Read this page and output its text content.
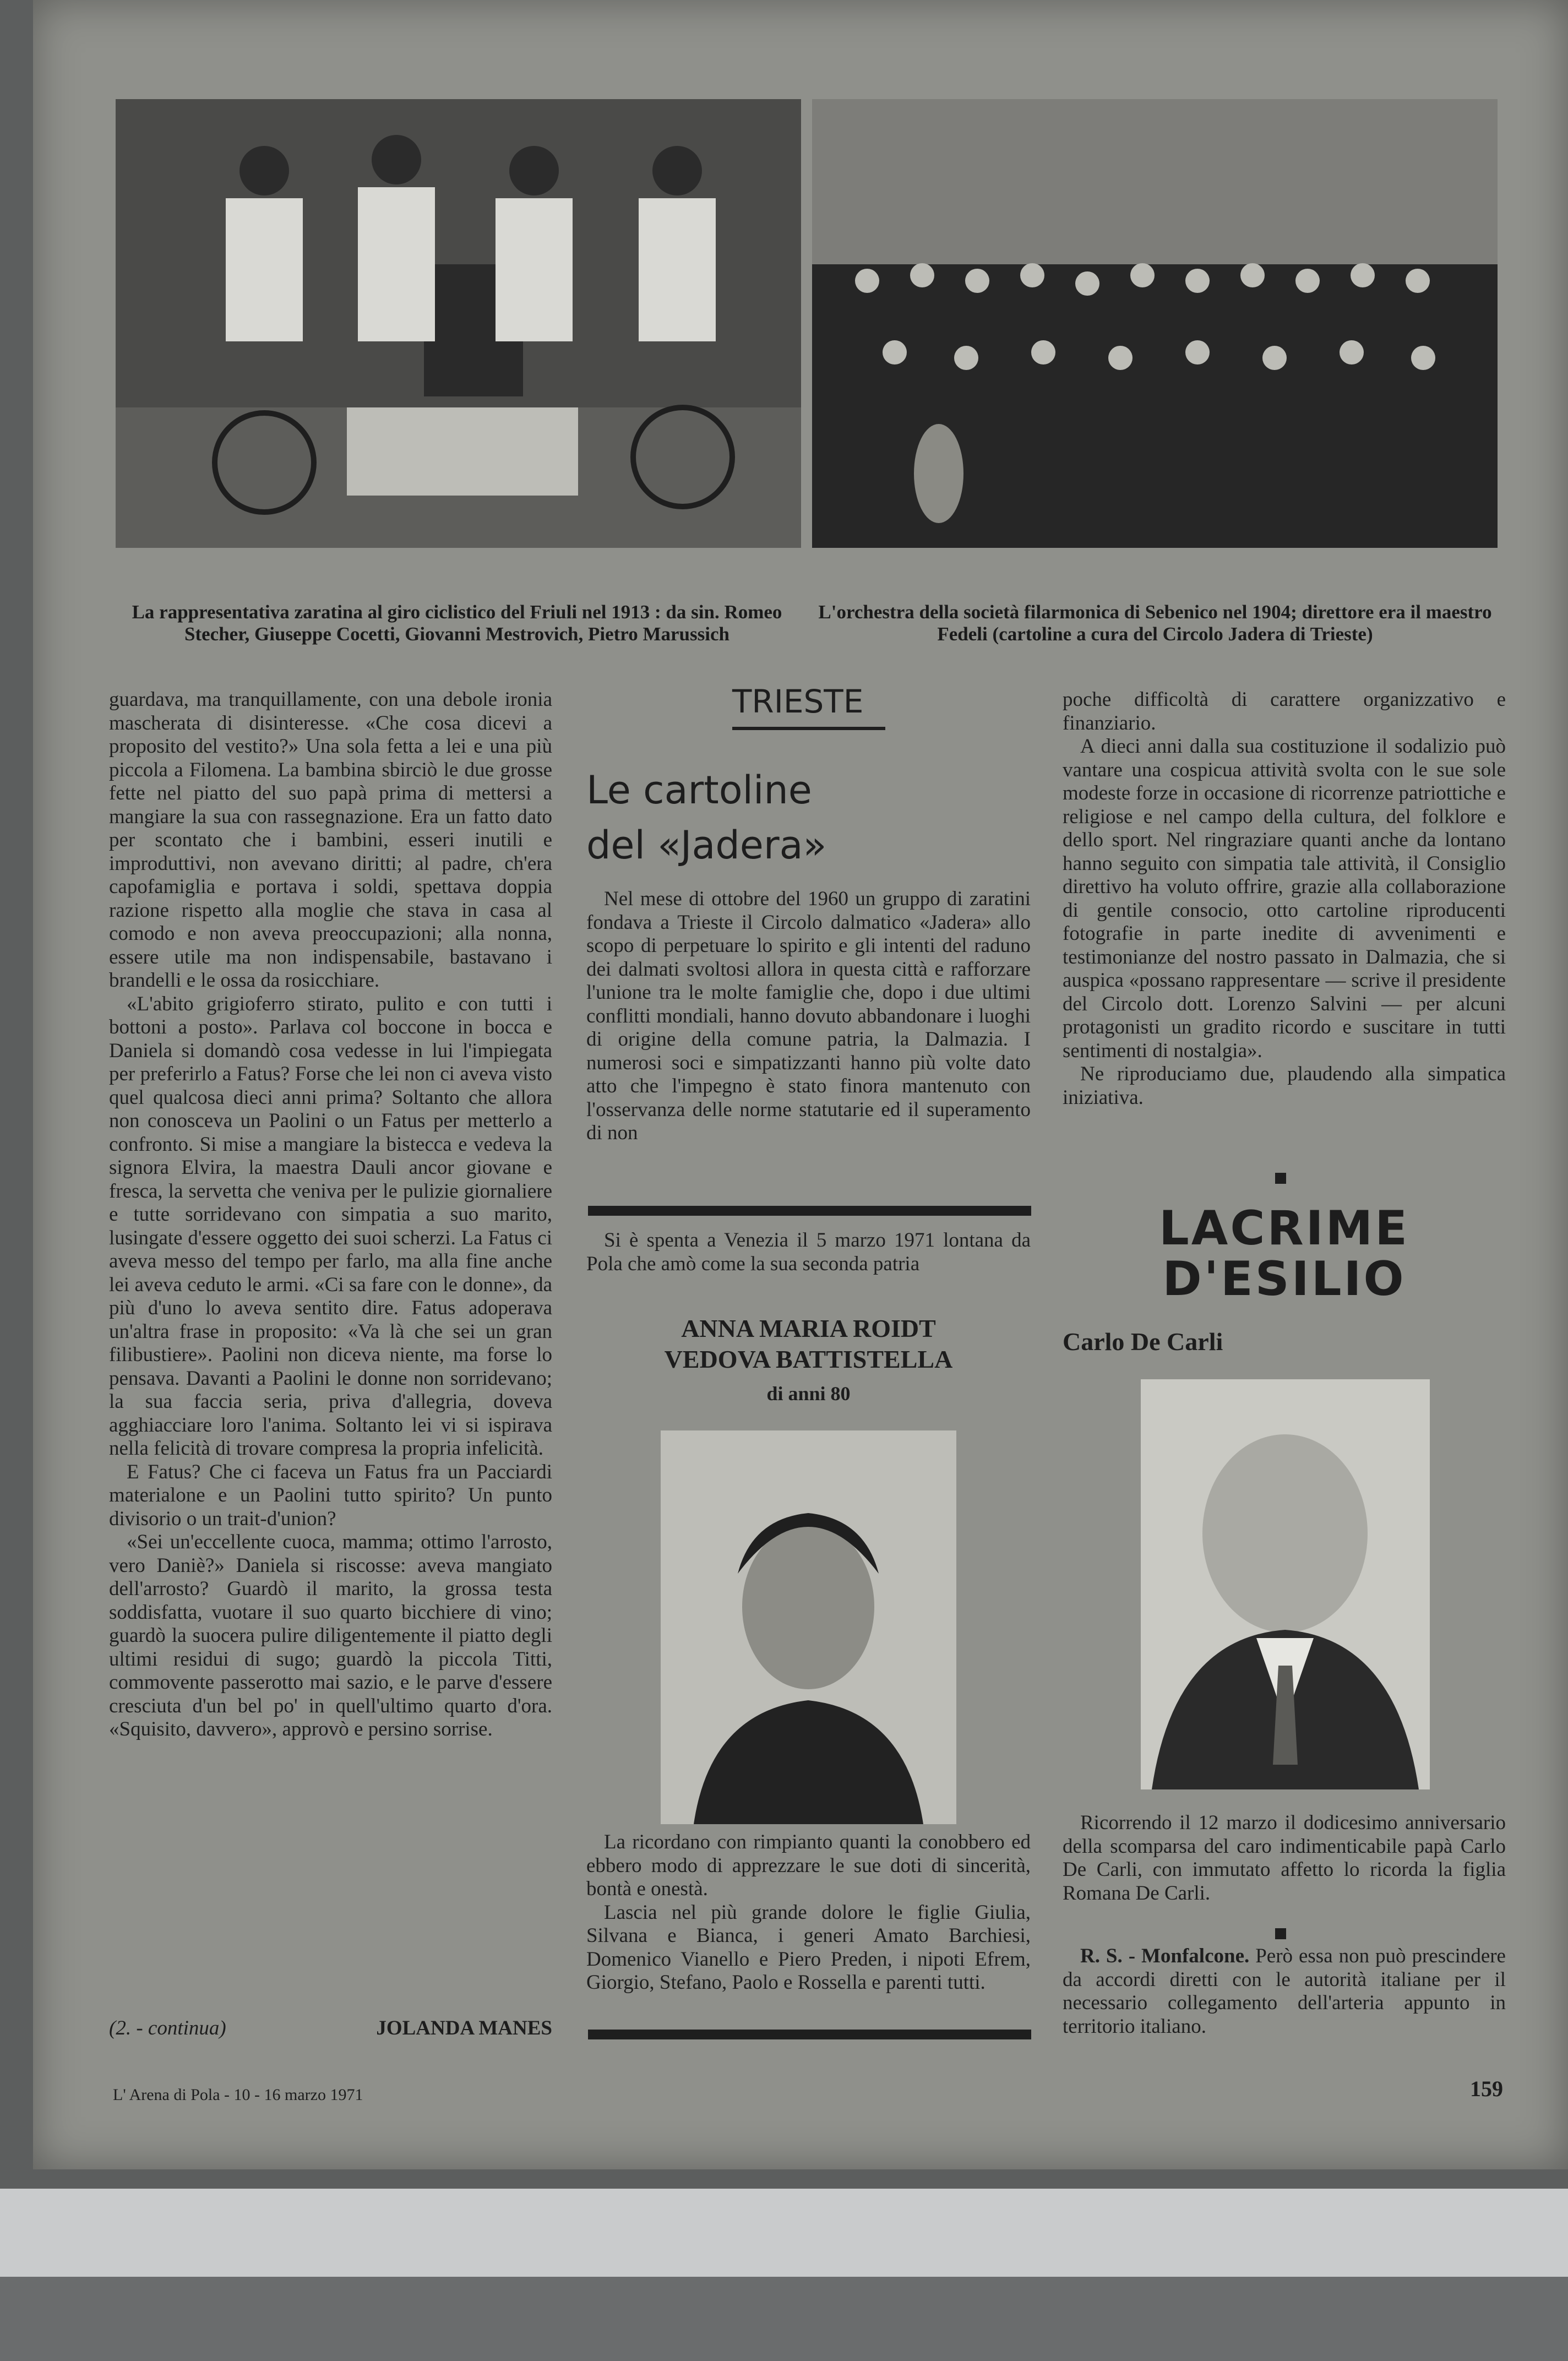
La rappresentativa zaratina al giro ciclistico del Friuli nel 1913 : da sin. Romeo Stecher, Giuseppe Cocetti, Giovanni Mestrovich, Pietro Marussich
L'orchestra della società filarmonica di Sebenico nel 1904; direttore era il maestro Fedeli (cartoline a cura del Circolo Jadera di Trieste)

guardava, ma tranquillamente, con una debole ironia mascherata di disinteresse. «Che cosa dicevi a proposito del vestito?» Una sola fetta a lei e una più piccola a Filomena. La bambina sbirciò le due grosse fette nel piatto del suo papà prima di mettersi a mangiare la sua con rassegnazione. Era un fatto dato per scontato che i bambini, esseri inutili e improduttivi, non avevano diritti; al padre, ch'era capofamiglia e portava i soldi, spettava doppia razione rispetto alla moglie che stava in casa al comodo e non aveva preoccupazioni; alla nonna, essere utile ma non indispensabile, bastavano i brandelli e le ossa da rosicchiare.

«L'abito grigioferro stirato, pulito e con tutti i bottoni a posto». Parlava col boccone in bocca e Daniela si domandò cosa vedesse in lui l'impiegata per preferirlo a Fatus? Forse che lei non ci aveva visto quel qualcosa dieci anni prima? Soltanto che allora non conosceva un Paolini o un Fatus per metterlo a confronto. Si mise a mangiare la bistecca e vedeva la signora Elvira, la maestra Dauli ancor giovane e fresca, la servetta che veniva per le pulizie giornaliere e tutte sorridevano con simpatia a suo marito, lusingate d'essere oggetto dei suoi scherzi. La Fatus ci aveva messo del tempo per farlo, ma alla fine anche lei aveva ceduto le armi. «Ci sa fare con le donne», da più d'uno lo aveva sentito dire. Fatus adoperava un'altra frase in proposito: «Va là che sei un gran filibustiere». Paolini non diceva niente, ma forse lo pensava. Davanti a Paolini le donne non sorridevano; la sua faccia seria, priva d'allegria, doveva agghiacciare loro l'anima. Soltanto lei vi si ispirava nella felicità di trovare compresa la propria infelicità.

E Fatus? Che ci faceva un Fatus fra un Pacciardi materialone e un Paolini tutto spirito? Un punto divisorio o un trait-d'union?

«Sei un'eccellente cuoca, mamma; ottimo l'arrosto, vero Daniè?» Daniela si riscosse: aveva mangiato dell'arrosto? Guardò il marito, la grossa testa soddisfatta, vuotare il suo quarto bicchiere di vino; guardò la suocera pulire diligentemente il piatto degli ultimi residui di sugo; guardò la piccola Titti, commovente passerotto mai sazio, e le parve d'essere cresciuta d'un bel po' in quell'ultimo quarto d'ora. «Squisito, davvero», approvò e persino sorrise.

(2. - continua)	JOLANDA MANES
TRIESTE
Le cartoline
del «Jadera»

Nel mese di ottobre del 1960 un gruppo di zaratini fondava a Trieste il Circolo dalmatico «Jadera» allo scopo di perpetuare lo spirito e gli intenti del raduno dei dalmati svoltosi allora in questa città e rafforzare l'unione tra le molte famiglie che, dopo i due ultimi conflitti mondiali, hanno dovuto abbandonare i luoghi di origine della comune patria, la Dalmazia. I numerosi soci e simpatizzanti hanno più volte dato atto che l'impegno è stato finora mantenuto con l'osservanza delle norme statutarie ed il superamento di non

Si è spenta a Venezia il 5 marzo 1971 lontana da Pola che amò come la sua seconda patria

ANNA MARIA ROIDT
VEDOVA BATTISTELLA
di anni 80

La ricordano con rimpianto quanti la conobbero ed ebbero modo di apprezzare le sue doti di sincerità, bontà e onestà.

Lascia nel più grande dolore le figlie Giulia, Silvana e Bianca, i generi Amato Barchiesi, Domenico Vianello e Piero Preden, i nipoti Efrem, Giorgio, Stefano, Paolo e Rossella e parenti tutti.

poche difficoltà di carattere organizzativo e finanziario.

A dieci anni dalla sua costituzione il sodalizio può vantare una cospicua attività svolta con le sue sole modeste forze in occasione di ricorrenze patriottiche e religiose e nel campo della cultura, del folklore e dello sport. Nel ringraziare quanti anche da lontano hanno seguito con simpatia tale attività, il Consiglio direttivo ha voluto offrire, grazie alla collaborazione di gentile consocio, otto cartoline riproducenti fotografie in parte inedite di avvenimenti e testimonianze del nostro passato in Dalmazia, che si auspica «possano rappresentare — scrive il presidente del Circolo dott. Lorenzo Salvini — per alcuni protagonisti un gradito ricordo e suscitare in tutti sentimenti di nostalgia».

Ne riproduciamo due, plaudendo alla simpatica iniziativa.

LACRIME
D'ESILIO
Carlo De Carli

Ricorrendo il 12 marzo il dodicesimo anniversario della scomparsa del caro indimenticabile papà Carlo De Carli, con immutato affetto lo ricorda la figlia Romana De Carli.

R. S. - Monfalcone. Però essa non può prescindere da accordi diretti con le autorità italiane per il necessario collegamento dell'arteria appunto in territorio italiano.

L' Arena di Pola - 10 - 16 marzo 1971	159
